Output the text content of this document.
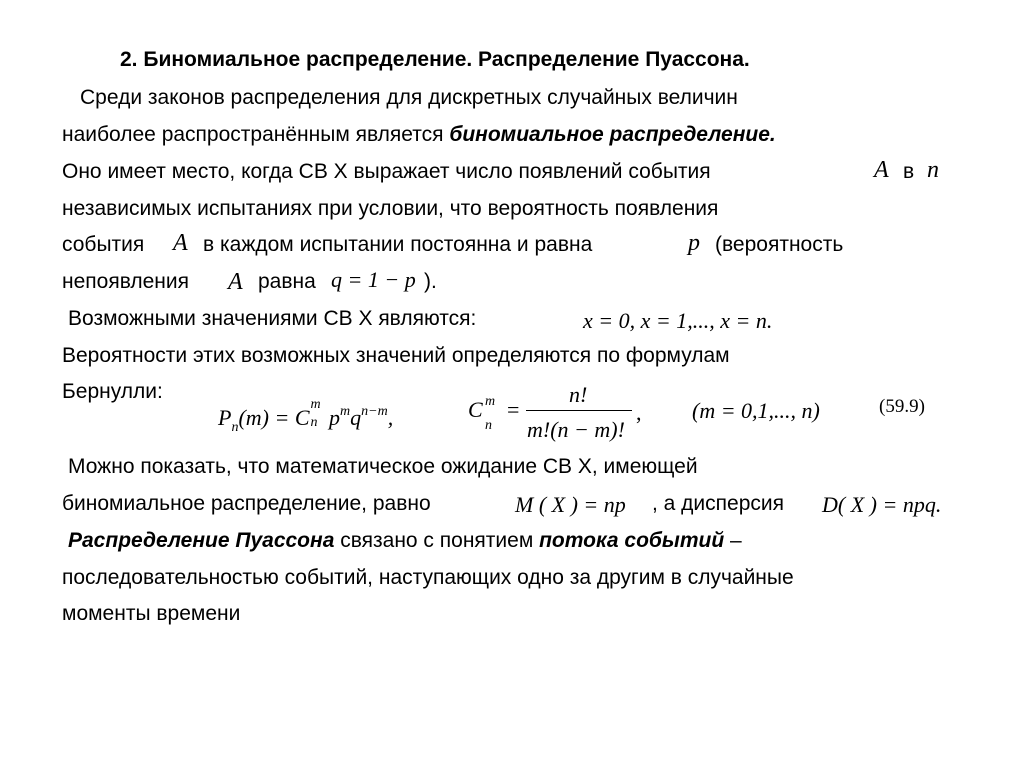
2. Биномиальное распределение. Распределение Пуассона.
Среди законов распределения для дискретных случайных величин
наиболее распространённым является биномиальное распределение.
Оно имеет место, когда СВ Х выражает число появлений события	A в n
независимых испытаниях при условии, что вероятность появления
события A в каждом испытании постоянна и равна	p (вероятность
непоявления A равна q = 1 − p ).
Возможными значениями СВ Х являются:	x = 0, x = 1,..., x = n.
Вероятности этих возможных значений определяются по формулам
Бернулли:
$P_n(m) = C$
m
n $p^mq^{n-m}$,	C m
n
=
n!
m!(n − m)!
, (m = 0,1,..., n)	(59.9)
Можно показать, что математическое ожидание СВ Х, имеющей
биномиальное распределение, равно	M ( X ) = np , а дисперсия D( X ) = npq.
Распределение Пуассона связано с понятием потока событий –
последовательностью событий, наступающих одно за другим в случайные
моменты времени
